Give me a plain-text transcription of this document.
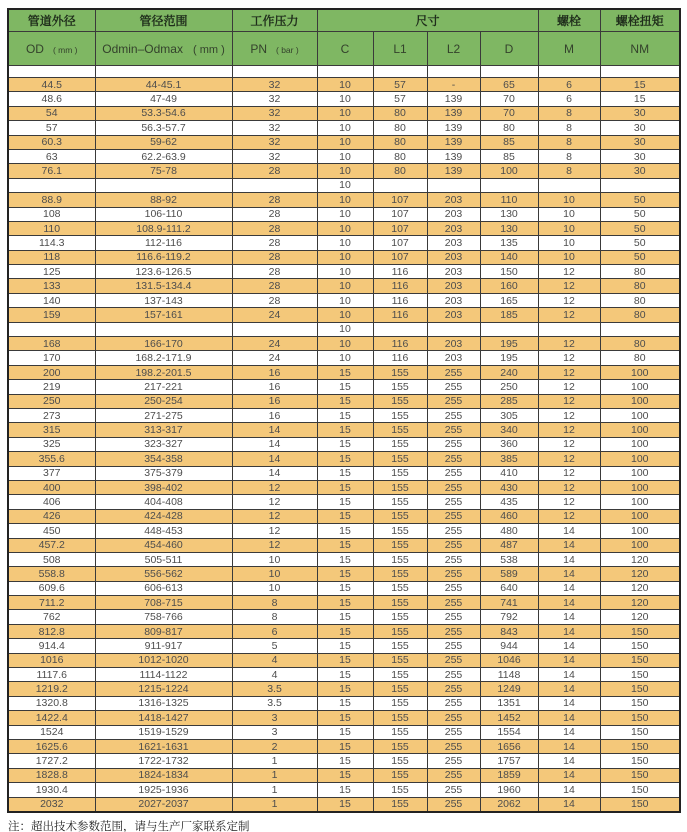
管道外径	管径范围	工作压力	尺寸				螺栓	螺栓扭矩
OD ( mm )	Odmin–Odmax ( mm )	PN ( bar )	C	L1	L2	D	M	NM

44.5	44-45.1	32	10	57	-	65	6	15
48.6	47-49	32	10	57	139	70	6	15
54	53.3-54.6	32	10	80	139	70	8	30
57	56.3-57.7	32	10	80	139	80	8	30
60.3	59-62	32	10	80	139	85	8	30
63	62.2-63.9	32	10	80	139	85	8	30
76.1	75-78	28	10	80	139	100	8	30
			10					
88.9	88-92	28	10	107	203	110	10	50
108	106-110	28	10	107	203	130	10	50
110	108.9-111.2	28	10	107	203	130	10	50
114.3	112-116	28	10	107	203	135	10	50
118	116.6-119.2	28	10	107	203	140	10	50
125	123.6-126.5	28	10	116	203	150	12	80
133	131.5-134.4	28	10	116	203	160	12	80
140	137-143	28	10	116	203	165	12	80
159	157-161	24	10	116	203	185	12	80
			10					
168	166-170	24	10	116	203	195	12	80
170	168.2-171.9	24	10	116	203	195	12	80
200	198.2-201.5	16	15	155	255	240	12	100
219	217-221	16	15	155	255	250	12	100
250	250-254	16	15	155	255	285	12	100
273	271-275	16	15	155	255	305	12	100
315	313-317	14	15	155	255	340	12	100
325	323-327	14	15	155	255	360	12	100
355.6	354-358	14	15	155	255	385	12	100
377	375-379	14	15	155	255	410	12	100
400	398-402	12	15	155	255	430	12	100
406	404-408	12	15	155	255	435	12	100
426	424-428	12	15	155	255	460	12	100
450	448-453	12	15	155	255	480	14	100
457.2	454-460	12	15	155	255	487	14	100
508	505-511	10	15	155	255	538	14	120
558.8	556-562	10	15	155	255	589	14	120
609.6	606-613	10	15	155	255	640	14	120
711.2	708-715	8	15	155	255	741	14	120
762	758-766	8	15	155	255	792	14	120
812.8	809-817	6	15	155	255	843	14	150
914.4	911-917	5	15	155	255	944	14	150
1016	1012-1020	4	15	155	255	1046	14	150
1117.6	1114-1122	4	15	155	255	1148	14	150
1219.2	1215-1224	3.5	15	155	255	1249	14	150
1320.8	1316-1325	3.5	15	155	255	1351	14	150
1422.4	1418-1427	3	15	155	255	1452	14	150
1524	1519-1529	3	15	155	255	1554	14	150
1625.6	1621-1631	2	15	155	255	1656	14	150
1727.2	1722-1732	1	15	155	255	1757	14	150
1828.8	1824-1834	1	15	155	255	1859	14	150
1930.4	1925-1936	1	15	155	255	1960	14	150
2032	2027-2037	1	15	155	255	2062	14	150
注：超出技术参数范围，请与生产厂家联系定制
